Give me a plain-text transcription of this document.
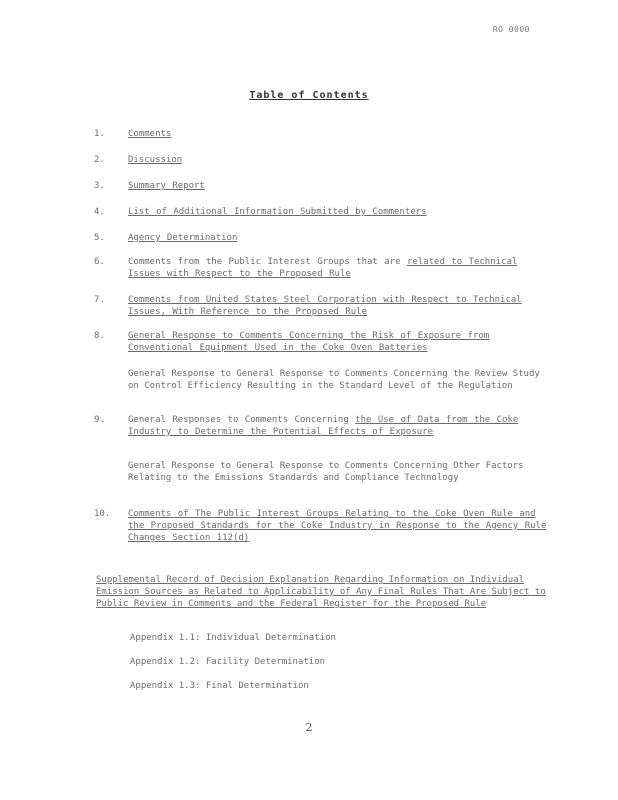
RO 0000
Table of Contents
1.	Comments
2.	Discussion
3.	Summary Report
4.	List of Additional Information Submitted by Commenters
5.	Agency Determination
6.	Comments from the Public Interest Groups that are related to Technical Issues with Respect to the Proposed Rule
7.	Comments from United States Steel Corporation with Respect to Technical Issues, With Reference to the Proposed Rule
8.	General Response to Comments Concerning the Risk of Exposure from Conventional Equipment Used in the Coke Oven Batteries
General Response to General Response to Comments Concerning the Review Study on Control Efficiency Resulting in the Standard Level of the Regulation
9.	General Responses to Comments Concerning the Use of Data from the Coke Industry to Determine the Potential Effects of Exposure
General Response to General Response to Comments Concerning Other Factors Relating to the Emissions Standards and Compliance Technology
10.	Comments of The Public Interest Groups Relating to the Coke Oven Rule and the Proposed Standards for the Coke Industry in Response to the Agency Rule Changes Section 112(d)
Supplemental Record of Decision Explanation Regarding Information on Individual Emission Sources as Related to Applicability of Any Final Rules That Are Subject to Public Review in Comments and the Federal Register for the Proposed Rule
Appendix 1.1: Individual Determination
Appendix 1.2: Facility Determination
Appendix 1.3: Final Determination
2
